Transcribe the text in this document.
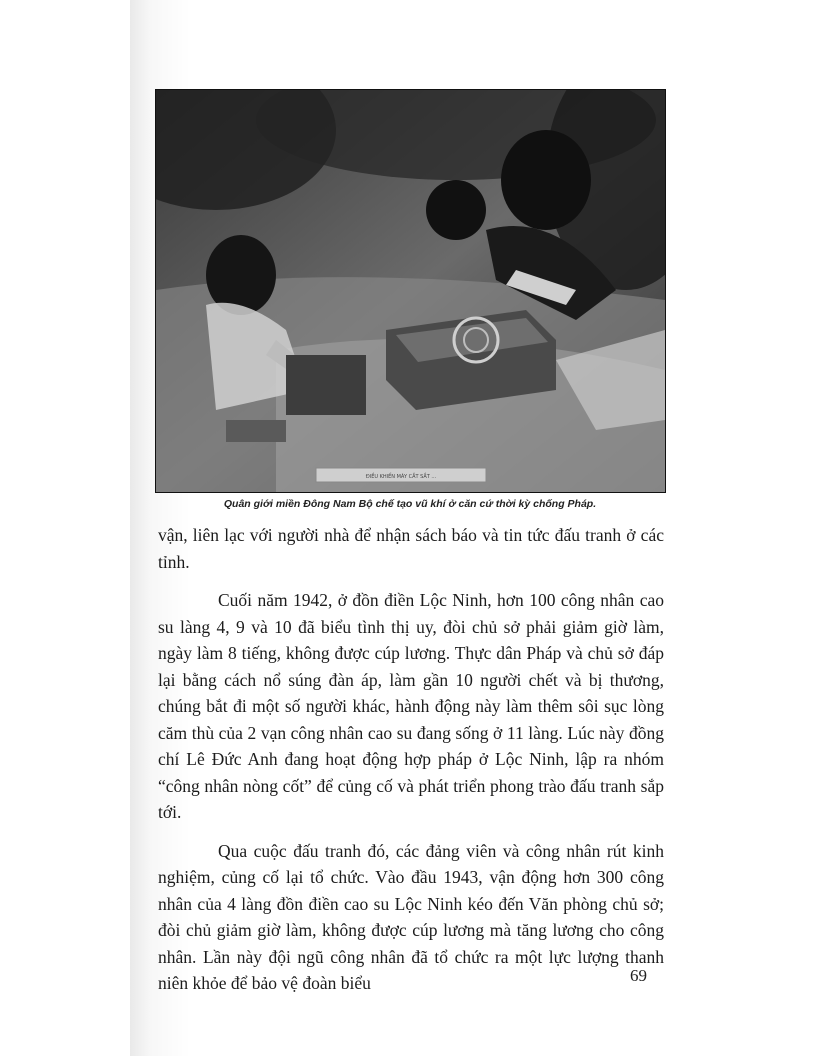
ĐIỀU KHIỂN MÁY CẮT SẮT ...
Quân giới miền Đông Nam Bộ chế tạo vũ khí ở căn cứ thời kỳ chống Pháp.

vận, liên lạc với người nhà để nhận sách báo và tin tức đấu tranh ở các tỉnh.

Cuối năm 1942, ở đồn điền Lộc Ninh, hơn 100 công nhân cao su làng 4, 9 và 10 đã biểu tình thị uy, đòi chủ sở phải giảm giờ làm, ngày làm 8 tiếng, không được cúp lương. Thực dân Pháp và chủ sở đáp lại bằng cách nổ súng đàn áp, làm gần 10 người chết và bị thương, chúng bắt đi một số người khác, hành động này làm thêm sôi sục lòng căm thù của 2 vạn công nhân cao su đang sống ở 11 làng. Lúc này đồng chí Lê Đức Anh đang hoạt động hợp pháp ở Lộc Ninh, lập ra nhóm “công nhân nòng cốt” để củng cố và phát triển phong trào đấu tranh sắp tới.

Qua cuộc đấu tranh đó, các đảng viên và công nhân rút kinh nghiệm, củng cố lại tổ chức. Vào đầu 1943, vận động hơn 300 công nhân của 4 làng đồn điền cao su Lộc Ninh kéo đến Văn phòng chủ sở; đòi chủ giảm giờ làm, không được cúp lương mà tăng lương cho công nhân. Lần này đội ngũ công nhân đã tổ chức ra một lực lượng thanh niên khỏe để bảo vệ đoàn biểu	69
